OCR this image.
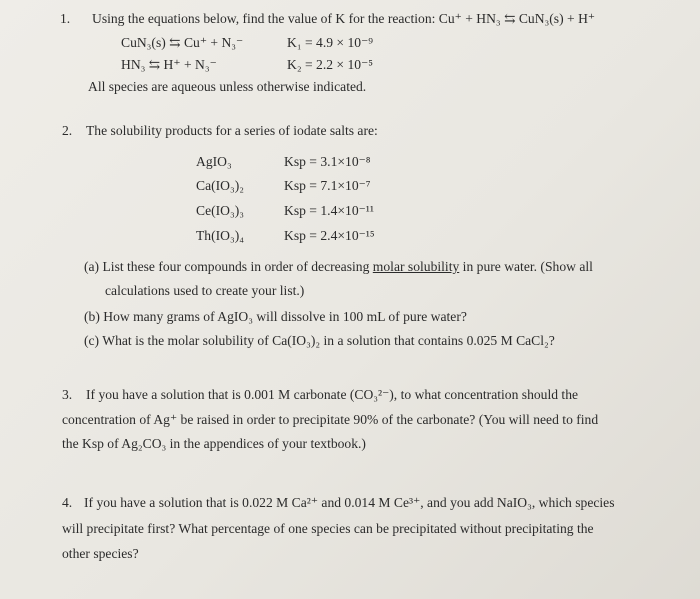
1. Using the equations below, find the value of K for the reaction: Cu⁺ + HN₃ ⇆ CuN₃(s) + H⁺
CuN₃(s) ⇆ Cu⁺ + N₃⁻	K₁ = 4.9 × 10⁻⁹
HN₃ ⇆ H⁺ + N₃⁻	K₂ = 2.2 × 10⁻⁵
All species are aqueous unless otherwise indicated.
2. The solubility products for a series of iodate salts are:
AgIO₃	Ksp = 3.1×10⁻⁸
Ca(IO₃)₂	Ksp = 7.1×10⁻⁷
Ce(IO₃)₃	Ksp = 1.4×10⁻¹¹
Th(IO₃)₄	Ksp = 2.4×10⁻¹⁵
(a) List these four compounds in order of decreasing molar solubility in pure water. (Show all
calculations used to create your list.)
(b) How many grams of AgIO₃ will dissolve in 100 mL of pure water?
(c) What is the molar solubility of Ca(IO₃)₂ in a solution that contains 0.025 M CaCl₂?
3. If you have a solution that is 0.001 M carbonate (CO₃²⁻), to what concentration should the
concentration of Ag⁺ be raised in order to precipitate 90% of the carbonate? (You will need to find
the Ksp of Ag₂CO₃ in the appendices of your textbook.)
4. If you have a solution that is 0.022 M Ca²⁺ and 0.014 M Ce³⁺, and you add NaIO₃, which species
will precipitate first? What percentage of one species can be precipitated without precipitating the
other species?
